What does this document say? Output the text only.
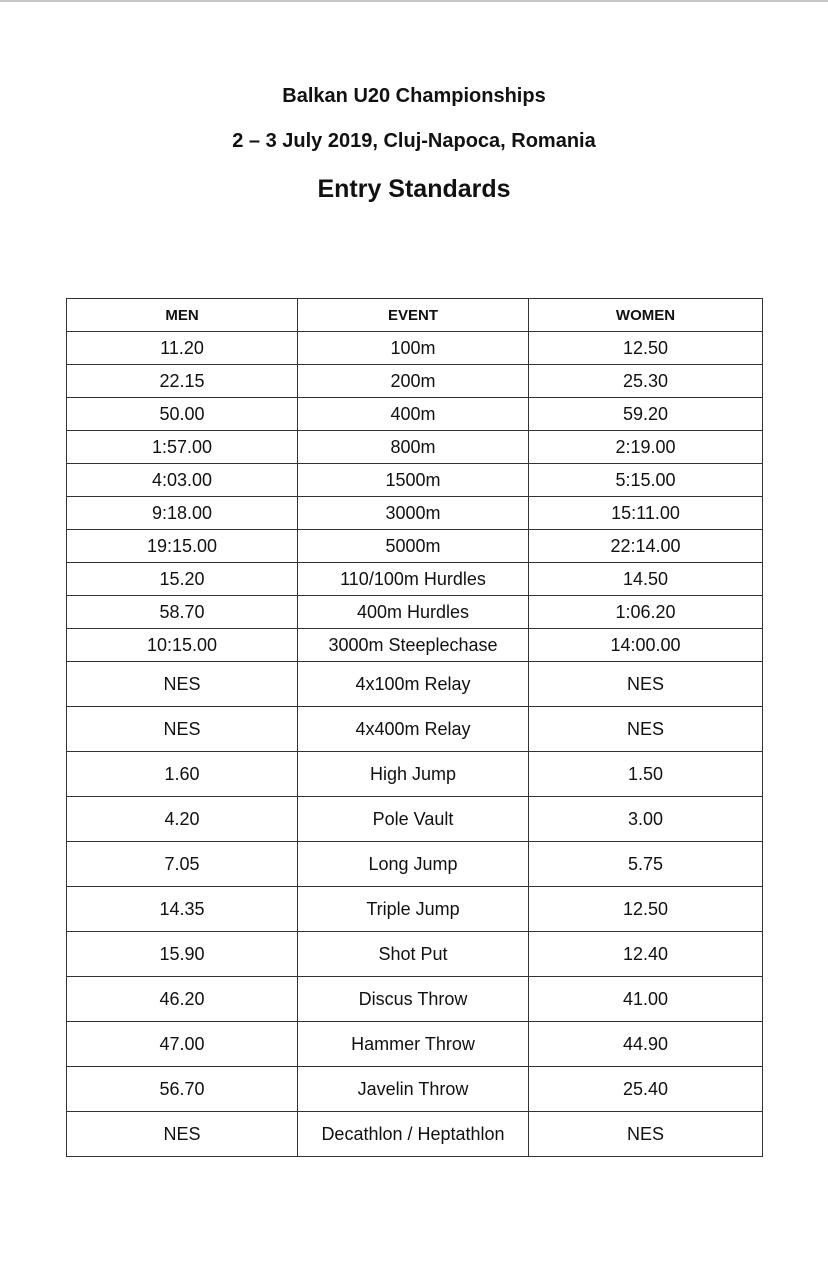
Balkan U20 Championships
2 – 3 July 2019, Cluj-Napoca, Romania
Entry Standards
MEN	EVENT	WOMEN
11.20	100m	12.50
22.15	200m	25.30
50.00	400m	59.20
1:57.00	800m	2:19.00
4:03.00	1500m	5:15.00
9:18.00	3000m	15:11.00
19:15.00	5000m	22:14.00
15.20	110/100m Hurdles	14.50
58.70	400m Hurdles	1:06.20
10:15.00	3000m Steeplechase	14:00.00
NES	4x100m Relay	NES
NES	4x400m Relay	NES
1.60	High Jump	1.50
4.20	Pole Vault	3.00
7.05	Long Jump	5.75
14.35	Triple Jump	12.50
15.90	Shot Put	12.40
46.20	Discus Throw	41.00
47.00	Hammer Throw	44.90
56.70	Javelin Throw	25.40
NES	Decathlon / Heptathlon	NES
